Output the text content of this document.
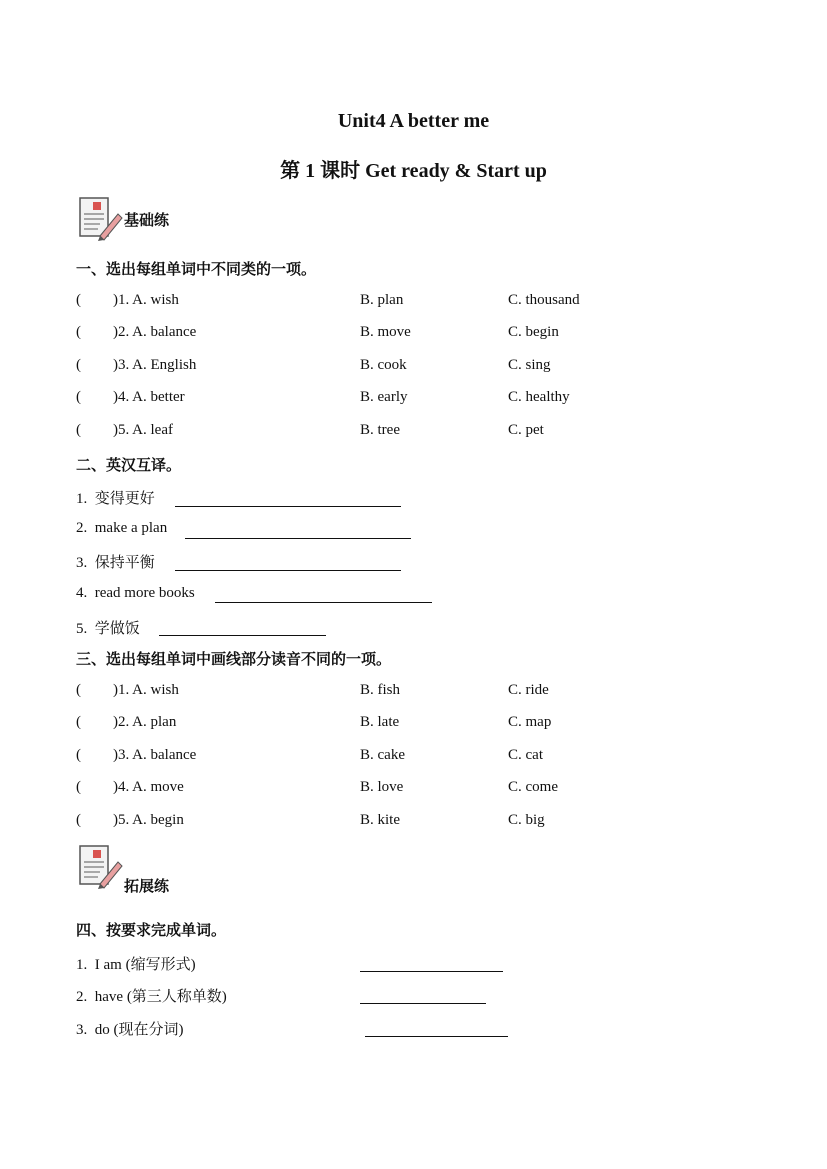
Unit4 A better me
第 1 课时 Get ready & Start up
基础练
一、选出每组单词中不同类的一项。
( )1. A. wish	B. plan	C. thousand
( )2. A. balance	B. move	C. begin
( )3. A. English	B. cook	C. sing
( )4. A. better	B. early	C. healthy
( )5. A. leaf	B. tree	C. pet
二、英汉互译。
1. 变得更好
2. make a plan
3. 保持平衡
4. read more books
5. 学做饭
三、选出每组单词中画线部分读音不同的一项。
( )1. A. wish	B. fish	C. ride
( )2. A. plan	B. late	C. map
( )3. A. balance	B. cake	C. cat
( )4. A. move	B. love	C. come
( )5. A. begin	B. kite	C. big
拓展练
四、按要求完成单词。
1. I am (缩写形式)
2. have (第三人称单数)
3. do (现在分词)
